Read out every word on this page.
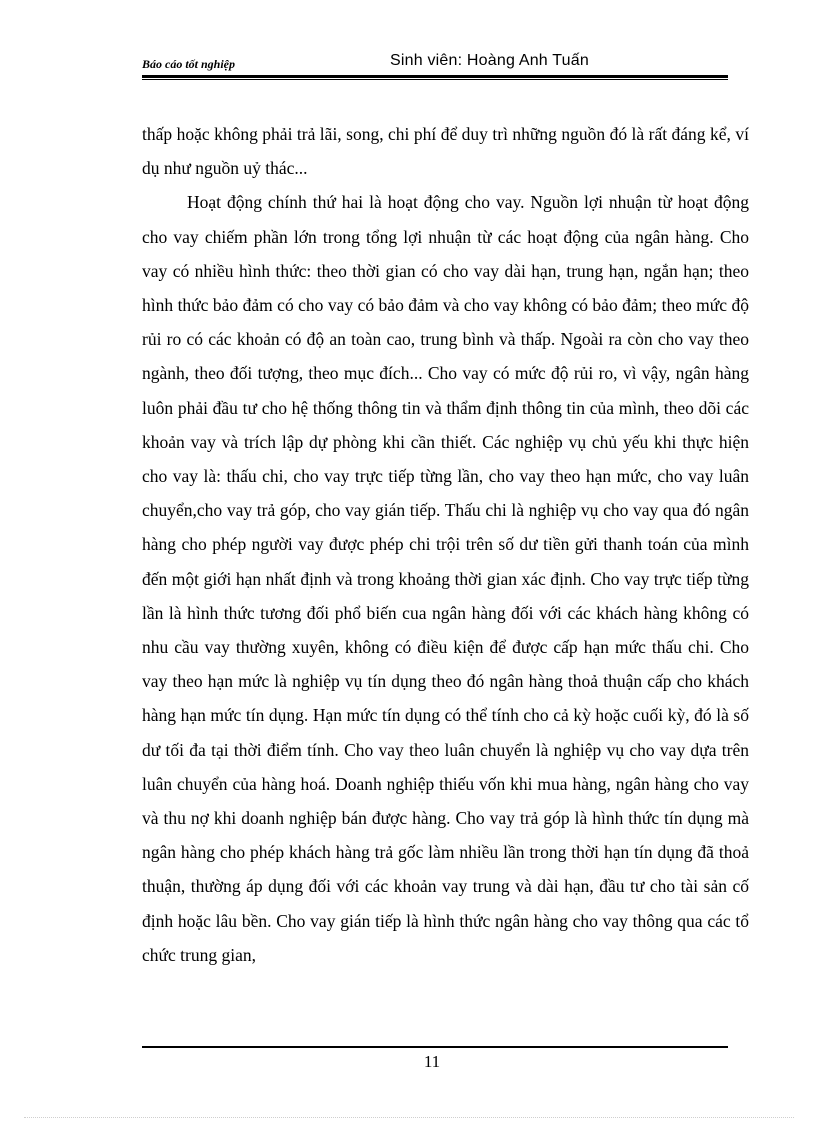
Báo cáo tốt nghiệp	Sinh viên: Hoàng Anh Tuấn

thấp hoặc không phải trả lãi, song, chi phí để duy trì những nguồn đó là rất đáng kể, ví dụ như nguồn uỷ thác...

Hoạt động chính thứ hai là hoạt động cho vay. Nguồn lợi nhuận từ hoạt động cho vay chiếm phần lớn trong tổng lợi nhuận từ các hoạt động của ngân hàng. Cho vay có nhiều hình thức: theo thời gian có cho vay dài hạn, trung hạn, ngắn hạn; theo hình thức bảo đảm có cho vay có bảo đảm và cho vay không có bảo đảm; theo mức độ rủi ro có các khoản có độ an toàn cao, trung bình và thấp. Ngoài ra còn cho vay theo ngành, theo đối tượng, theo mục đích... Cho vay có mức độ rủi ro, vì vậy, ngân hàng luôn phải đầu tư cho hệ thống thông tin và thẩm định thông tin của mình, theo dõi các khoản vay và trích lập dự phòng khi cần thiết. Các nghiệp vụ chủ yếu khi thực hiện cho vay là: thấu chi, cho vay trực tiếp từng lần, cho vay theo hạn mức, cho vay luân chuyển,cho vay trả góp, cho vay gián tiếp. Thấu chi là nghiệp vụ cho vay qua đó ngân hàng cho phép người vay được phép chi trội trên số dư tiền gửi thanh toán của mình đến một giới hạn nhất định và trong khoảng thời gian xác định. Cho vay trực tiếp từng lần là hình thức tương đối phổ biến cua ngân hàng đối với các khách hàng không có nhu cầu vay thường xuyên, không có điều kiện để được cấp hạn mức thấu chi. Cho vay theo hạn mức là nghiệp vụ tín dụng theo đó ngân hàng thoả thuận cấp cho khách hàng hạn mức tín dụng. Hạn mức tín dụng có thể tính cho cả kỳ hoặc cuối kỳ, đó là số dư tối đa tại thời điểm tính. Cho vay theo luân chuyển là nghiệp vụ cho vay dựa trên luân chuyển của hàng hoá. Doanh nghiệp thiếu vốn khi mua hàng, ngân hàng cho vay và thu nợ khi doanh nghiệp bán được hàng. Cho vay trả góp là hình thức tín dụng mà ngân hàng cho phép khách hàng trả gốc làm nhiều lần trong thời hạn tín dụng đã thoả thuận, thường áp dụng đối với các khoản vay trung và dài hạn, đầu tư cho tài sản cố định hoặc lâu bền. Cho vay gián tiếp là hình thức ngân hàng cho vay thông qua các tổ chức trung gian,

11
